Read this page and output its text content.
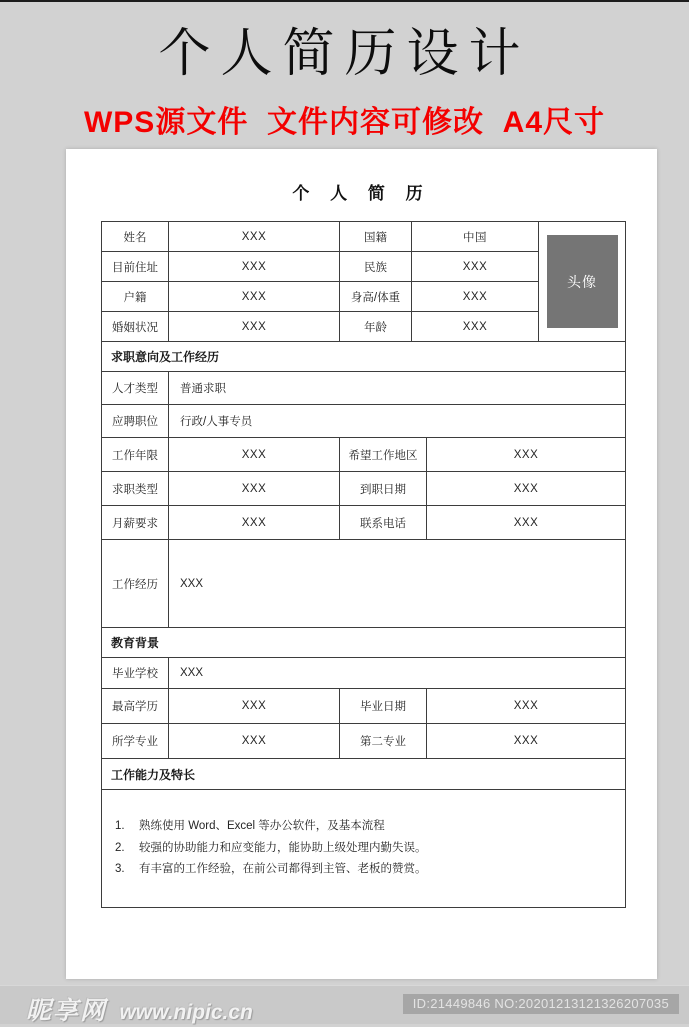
个人简历设计
WPS源文件  文件内容可修改  A4尺寸
个 人 简 历
姓名	XXX	国籍	中国	头像

目前住址	XXX	民族	XXX	
户籍	XXX	身高/体重	XXX	
婚姻状况	XXX	年龄	XXX	
求职意向及工作经历			
人才类型	普通求职		
应聘职位	行政/人事专员		
工作年限	XXX	希望工作地区	XXX
求职类型	XXX	到职日期	XXX
月薪要求	XXX	联系电话	XXX
工作经历	XXX		
教育背景			
毕业学校	XXX		
最高学历	XXX	毕业日期	XXX
所学专业	XXX	第二专业	XXX
工作能力及特长

1.	熟练使用 Word、Excel 等办公软件，及基本流程
2.	较强的协助能力和应变能力，能协助上级处理内勤失误。
3.	有丰富的工作经验，在前公司都得到主管、老板的赞赏。
昵享网 www.nipic.cn	ID:21449846 NO:20201213121326207035
